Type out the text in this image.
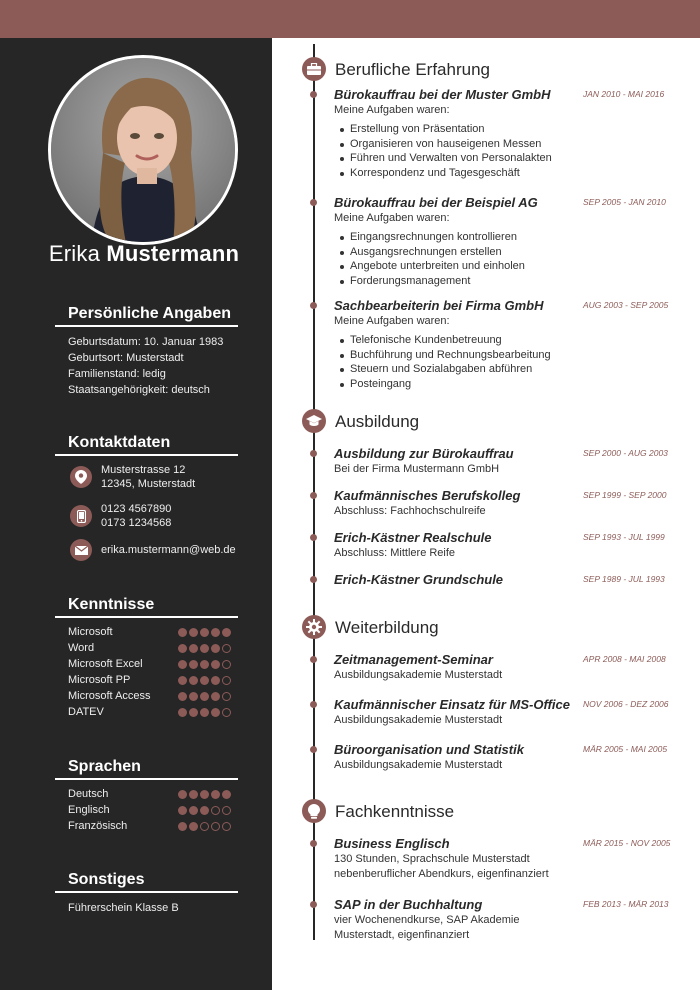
Erika Mustermann
Persönliche Angaben
Geburtsdatum: 10. Januar 1983
Geburtsort: Musterstadt
Familienstand: ledig
Staatsangehörigkeit: deutsch
Kontaktdaten
Musterstrasse 12
12345, Musterstadt
0123 4567890
0173 1234568
erika.mustermann@web.de
Kenntnisse
Microsoft
Word
Microsoft Excel
Microsoft PP
Microsoft Access
DATEV
Sprachen
Deutsch
Englisch
Französisch
Sonstiges
Führerschein Klasse B
Berufliche Erfahrung
Bürokauffrau bei der Muster GmbH	JAN 2010 - MAI 2016
Meine Aufgaben waren:
Erstellung von Präsentation
Organisieren von hauseigenen Messen
Führen und Verwalten von Personalakten
Korrespondenz und Tagesgeschäft
Bürokauffrau bei der Beispiel AG	SEP 2005 - JAN 2010
Meine Aufgaben waren:
Eingangsrechnungen kontrollieren
Ausgangsrechnungen erstellen
Angebote unterbreiten und einholen
Forderungsmanagement
Sachbearbeiterin bei Firma GmbH	AUG 2003 - SEP 2005
Meine Aufgaben waren:
Telefonische Kundenbetreuung
Buchführung und Rechnungsbearbeitung
Steuern und Sozialabgaben abführen
Posteingang
Ausbildung
Ausbildung zur Bürokauffrau	SEP 2000 - AUG 2003
Bei der Firma Mustermann GmbH
Kaufmännisches Berufskolleg	SEP 1999 - SEP 2000
Abschluss: Fachhochschulreife
Erich-Kästner Realschule	SEP 1993 - JUL 1999
Abschluss: Mittlere Reife
Erich-Kästner Grundschule	SEP 1989 - JUL 1993
Weiterbildung
Zeitmanagement-Seminar	APR 2008 - MAI 2008
Ausbildungsakademie Musterstadt
Kaufmännischer Einsatz für MS-Office	NOV 2006 - DEZ 2006
Ausbildungsakademie Musterstadt
Büroorganisation und Statistik	MÄR 2005 - MAI 2005
Ausbildungsakademie Musterstadt
Fachkenntnisse
Business Englisch	MÄR 2015 - NOV 2005
130 Stunden, Sprachschule Musterstadt
nebenberuflicher Abendkurs, eigenfinanziert
SAP in der Buchhaltung	FEB 2013 - MÄR 2013
vier Wochenendkurse, SAP Akademie
Musterstadt, eigenfinanziert
